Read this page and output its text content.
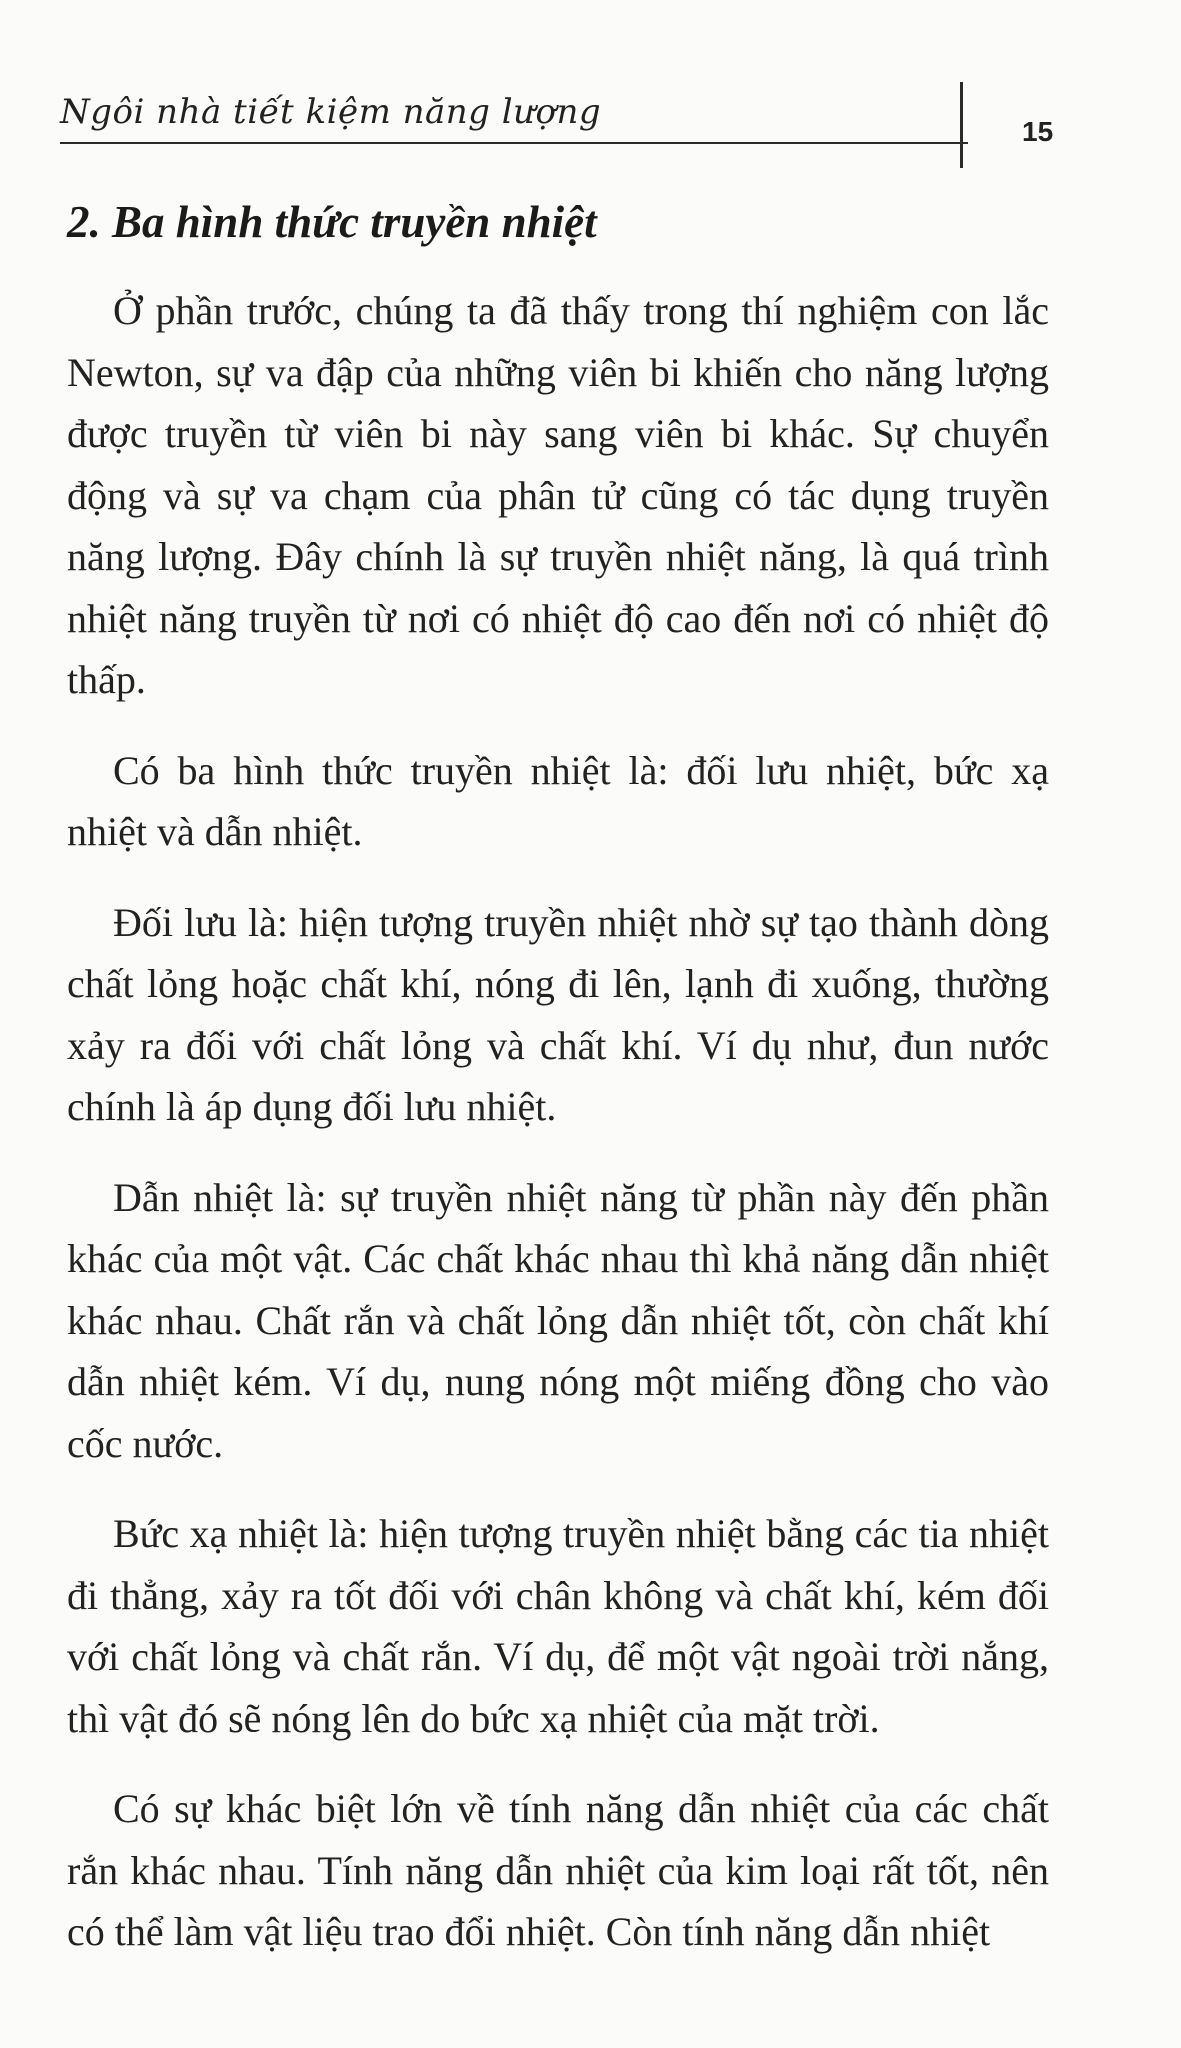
Ngôi nhà tiết kiệm năng lượng	15
2. Ba hình thức truyền nhiệt

Ở phần trước, chúng ta đã thấy trong thí nghiệm con lắc Newton, sự va đập của những viên bi khiến cho năng lượng được truyền từ viên bi này sang viên bi khác. Sự chuyển động và sự va chạm của phân tử cũng có tác dụng truyền năng lượng. Đây chính là sự truyền nhiệt năng, là quá trình nhiệt năng truyền từ nơi có nhiệt độ cao đến nơi có nhiệt độ thấp.

Có ba hình thức truyền nhiệt là: đối lưu nhiệt, bức xạ nhiệt và dẫn nhiệt.

Đối lưu là: hiện tượng truyền nhiệt nhờ sự tạo thành dòng chất lỏng hoặc chất khí, nóng đi lên, lạnh đi xuống, thường xảy ra đối với chất lỏng và chất khí. Ví dụ như, đun nước chính là áp dụng đối lưu nhiệt.

Dẫn nhiệt là: sự truyền nhiệt năng từ phần này đến phần khác của một vật. Các chất khác nhau thì khả năng dẫn nhiệt khác nhau. Chất rắn và chất lỏng dẫn nhiệt tốt, còn chất khí dẫn nhiệt kém. Ví dụ, nung nóng một miếng đồng cho vào cốc nước.

Bức xạ nhiệt là: hiện tượng truyền nhiệt bằng các tia nhiệt đi thẳng, xảy ra tốt đối với chân không và chất khí, kém đối với chất lỏng và chất rắn. Ví dụ, để một vật ngoài trời nắng, thì vật đó sẽ nóng lên do bức xạ nhiệt của mặt trời.

Có sự khác biệt lớn về tính năng dẫn nhiệt của các chất rắn khác nhau. Tính năng dẫn nhiệt của kim loại rất tốt, nên có thể làm vật liệu trao đổi nhiệt. Còn tính năng dẫn nhiệt
